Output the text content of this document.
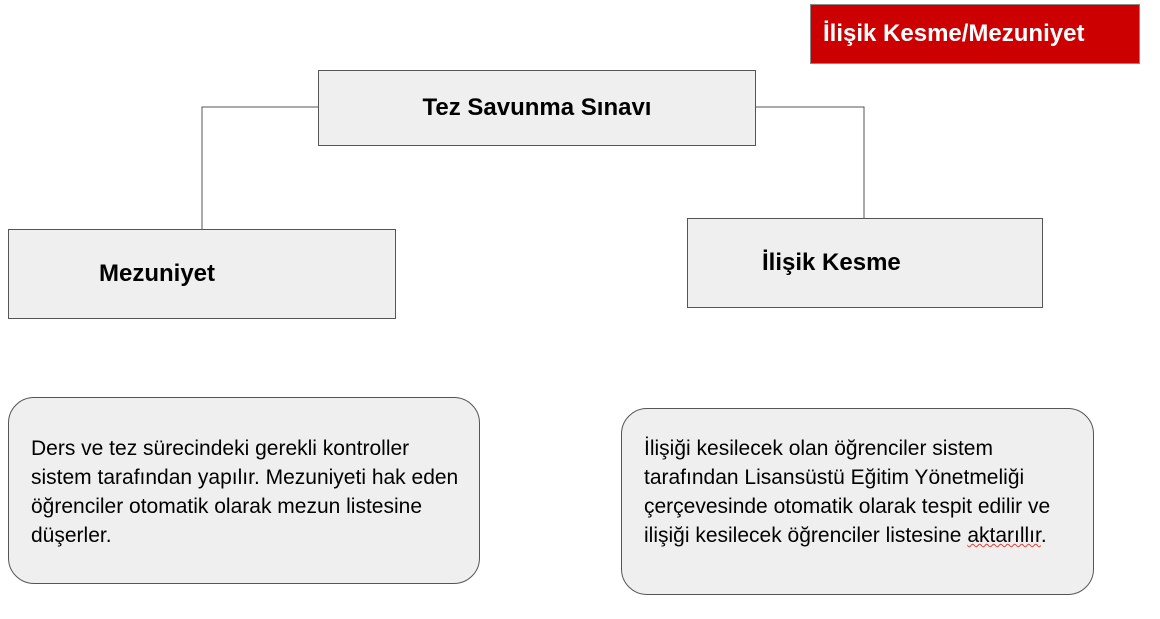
İlişik Kesme/Mezuniyet
Tez Savunma Sınavı
Mezuniyet	İlişik Kesme
Ders ve tez sürecindeki gerekli kontroller sistem tarafından yapılır. Mezuniyeti hak eden öğrenciler otomatik olarak mezun listesine düşerler.
İlişiği kesilecek olan öğrenciler sistem tarafından Lisansüstü Eğitim Yönetmeliği çerçevesinde otomatik olarak tespit edilir ve ilişiği kesilecek öğrenciler listesine aktarıllır.
